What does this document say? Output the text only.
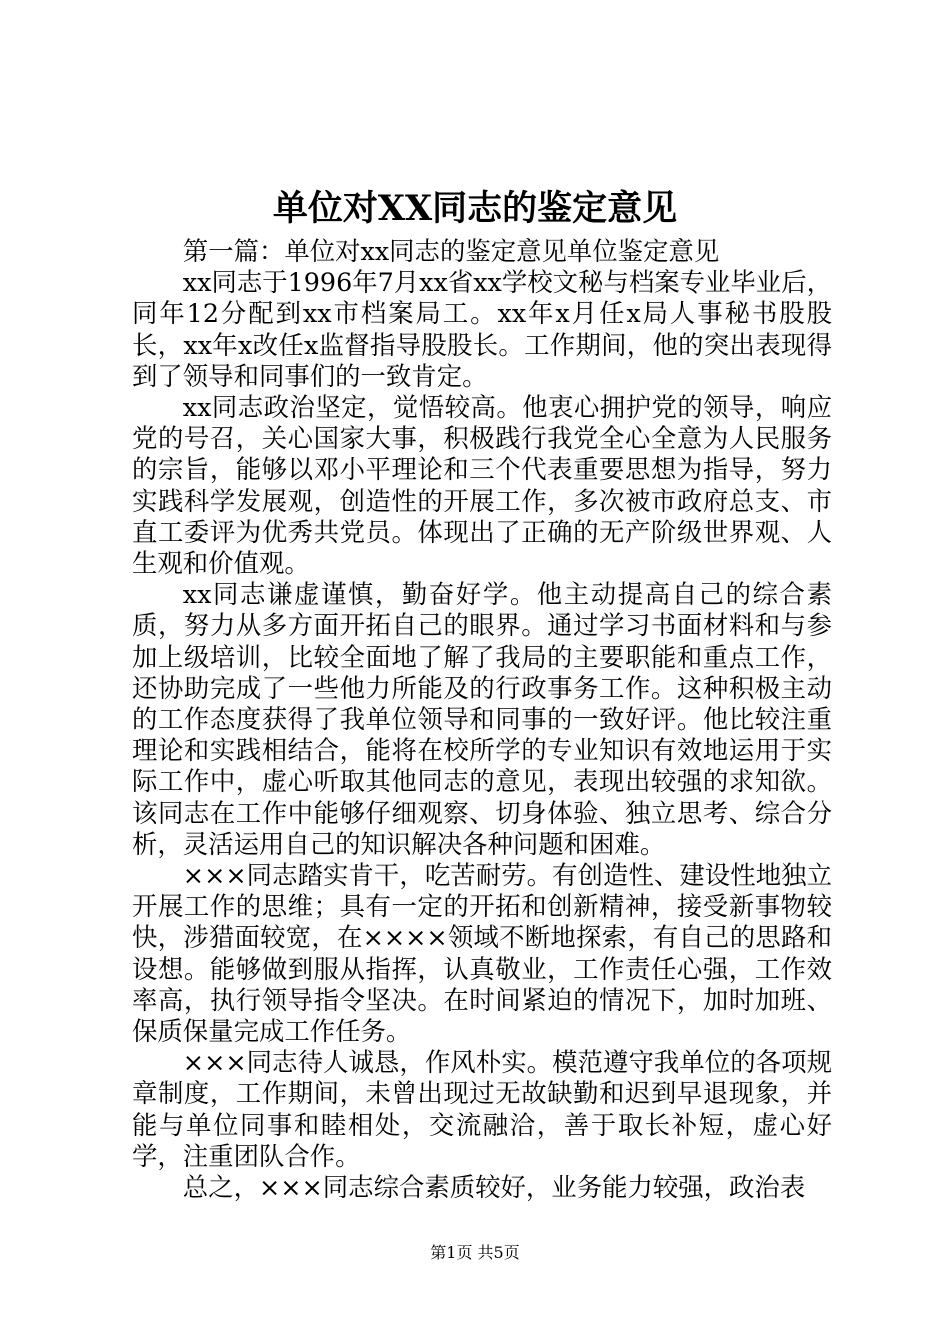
单位对XX同志的鉴定意见

第一篇：单位对xx同志的鉴定意见单位鉴定意见

xx同志于1996年7月xx省xx学校文秘与档案专业毕业后，同年12分配到xx市档案局工。xx年x月任x局人事秘书股股长，xx年x改任x监督指导股股长。工作期间，他的突出表现得到了领导和同事们的一致肯定。

xx同志政治坚定，觉悟较高。他衷心拥护党的领导，响应党的号召，关心国家大事，积极践行我党全心全意为人民服务的宗旨，能够以邓小平理论和三个代表重要思想为指导，努力实践科学发展观，创造性的开展工作，多次被市政府总支、市直工委评为优秀共党员。体现出了正确的无产阶级世界观、人生观和价值观。

xx同志谦虚谨慎，勤奋好学。他主动提高自己的综合素质，努力从多方面开拓自己的眼界。通过学习书面材料和与参加上级培训，比较全面地了解了我局的主要职能和重点工作，还协助完成了一些他力所能及的行政事务工作。这种积极主动的工作态度获得了我单位领导和同事的一致好评。他比较注重理论和实践相结合，能将在校所学的专业知识有效地运用于实际工作中，虚心听取其他同志的意见，表现出较强的求知欲。该同志在工作中能够仔细观察、切身体验、独立思考、综合分析，灵活运用自己的知识解决各种问题和困难。

×××同志踏实肯干，吃苦耐劳。有创造性、建设性地独立开展工作的思维；具有一定的开拓和创新精神，接受新事物较快，涉猎面较宽，在××××领域不断地探索，有自己的思路和设想。能够做到服从指挥，认真敬业，工作责任心强，工作效率高，执行领导指令坚决。在时间紧迫的情况下，加时加班、保质保量完成工作任务。

×××同志待人诚恳，作风朴实。模范遵守我单位的各项规章制度，工作期间，未曾出现过无故缺勤和迟到早退现象，并能与单位同事和睦相处，交流融洽，善于取长补短，虚心好学，注重团队合作。

总之，×××同志综合素质较好，业务能力较强，政治表

第1页 共5页
